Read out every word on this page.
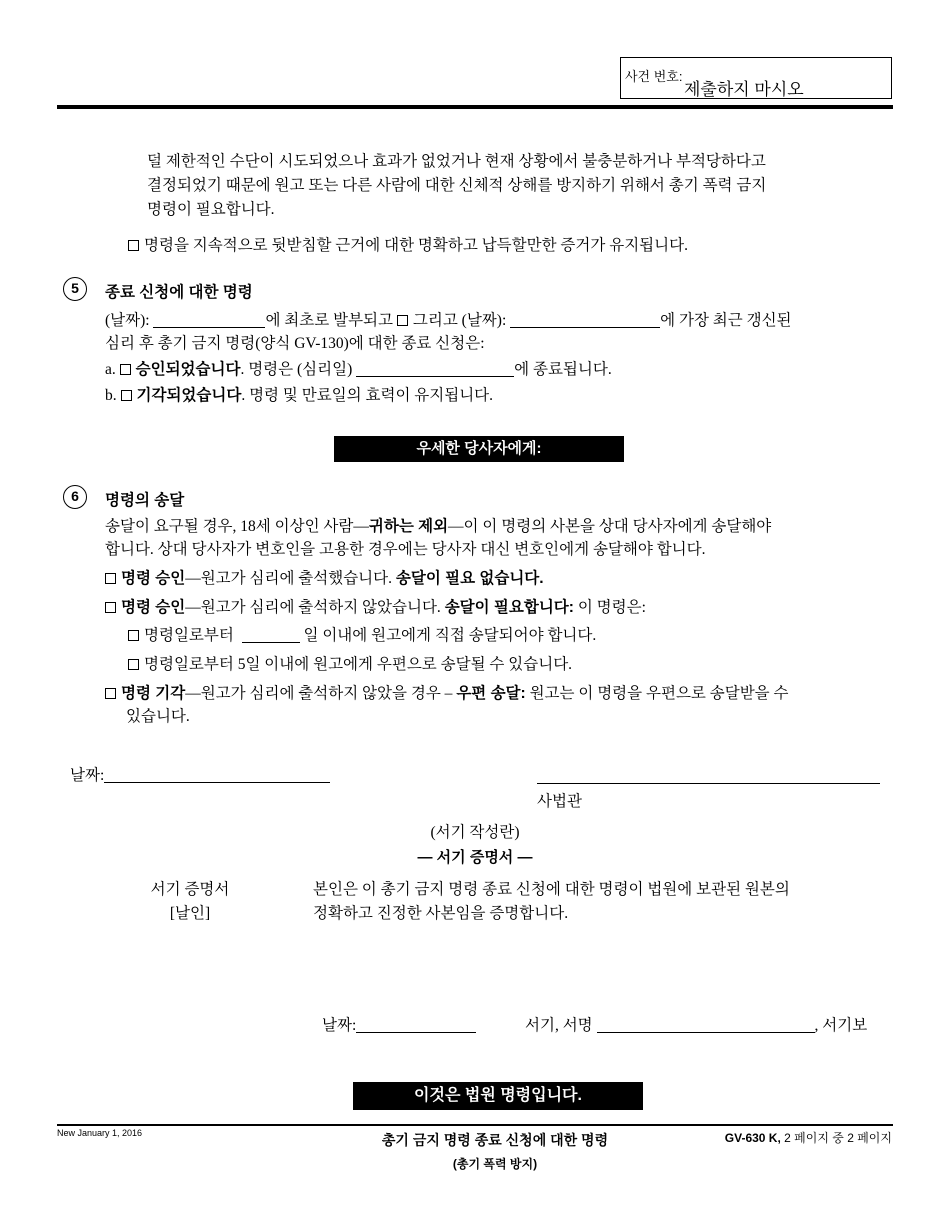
사건 번호:
제출하지 마시오
덜 제한적인 수단이 시도되었으나 효과가 없었거나 현재 상황에서 불충분하거나 부적당하다고
결정되었기 때문에 원고 또는 다른 사람에 대한 신체적 상해를 방지하기 위해서 총기 폭력 금지
명령이 필요합니다.
명령을 지속적으로 뒷받침할 근거에 대한 명확하고 납득할만한 증거가 유지됩니다.
5	종료 신청에 대한 명령
(날짜):	에 최초로 발부되고 그리고 (날짜):	에 가장 최근 갱신된
심리 후 총기 금지 명령(양식 GV-130)에 대한 종료 신청은:
a. 승인되었습니다. 명령은 (심리일)	에 종료됩니다.
b. 기각되었습니다. 명령 및 만료일의 효력이 유지됩니다.
우세한 당사자에게:
6	명령의 송달
송달이 요구될 경우, 18세 이상인 사람—귀하는 제외—이 이 명령의 사본을 상대 당사자에게 송달해야
합니다. 상대 당사자가 변호인을 고용한 경우에는 당사자 대신 변호인에게 송달해야 합니다.
명령 승인—원고가 심리에 출석했습니다. 송달이 필요 없습니다.
명령 승인—원고가 심리에 출석하지 않았습니다. 송달이 필요합니다: 이 명령은:
명령일로부터	일 이내에 원고에게 직접 송달되어야 합니다.
명령일로부터 5일 이내에 원고에게 우편으로 송달될 수 있습니다.
명령 기각—원고가 심리에 출석하지 않았을 경우 – 우편 송달: 원고는 이 명령을 우편으로 송달받을 수
있습니다.
날짜:
사법관
(서기 작성란)
— 서기 증명서 —
서기 증명서
[날인]
본인은 이 총기 금지 명령 종료 신청에 대한 명령이 법원에 보관된 원본의
정확하고 진정한 사본임을 증명합니다.
날짜:	서기, 서명	, 서기보
이것은 법원 명령입니다.
New January 1, 2016	총기 금지 명령 종료 신청에 대한 명령
(총기 폭력 방지)
GV-630 K, 2 페이지 중 2 페이지
